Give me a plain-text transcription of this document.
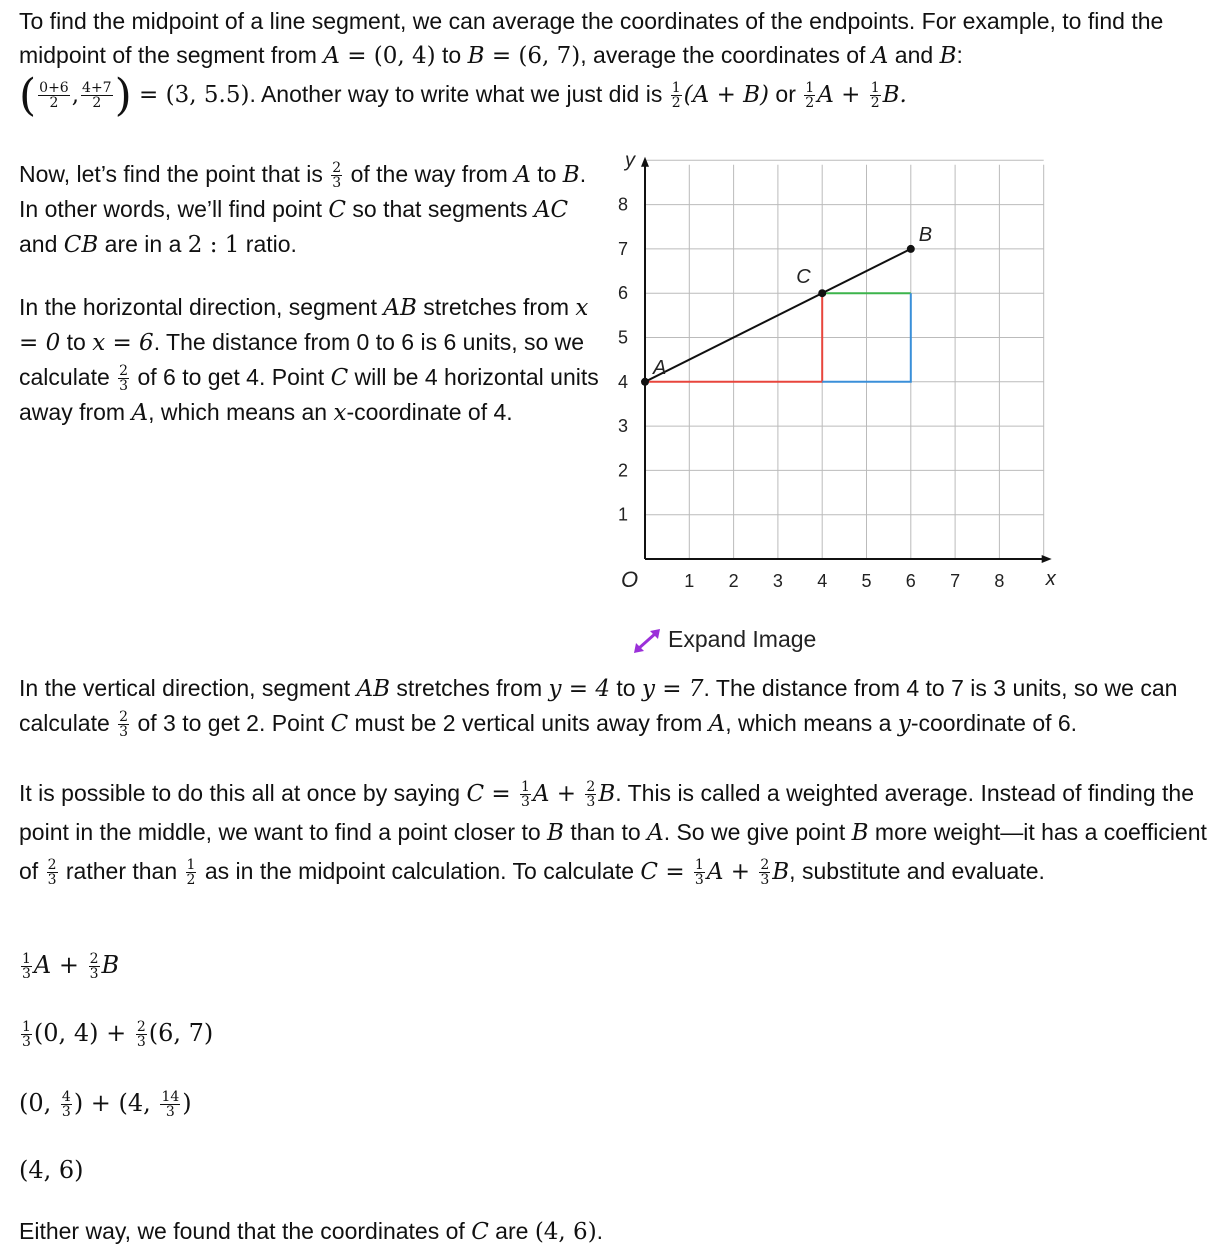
To find the midpoint of a line segment, we can average the coordinates of the endpoints. For example, to find the midpoint of the segment from A = (0, 4) to B = (6, 7), average the coordinates of A and B:

( $\frac{0+6}{2}$ , $\frac{4+7}{2}$ ) = (3, 5.5). Another way to write what we just did is $\frac{1}{2} (A + B)$ or $\frac{1}{2}$ $A + \frac{1}{2} B$.

Now, let’s find the point that is $\frac{2}{3}$ of the way from A to B. In other words, we’ll find point C so that segments AC and CB are in a 2 : 1 ratio.

In the horizontal direction, segment AB stretches from x = 0 to x = 6. The distance from 0 to 6 is 6 units, so we calculate $\frac{2}{3}$ of 6 to get 4. Point C will be 4 horizontal units away from A, which means an x-coordinate of 4.

1 2 3 4 5 6 7 8
1
2
3
4
5
6
7
8
x
y
O
A
B
C
Expand Image

In the vertical direction, segment AB stretches from y = 4 to y = 7. The distance from 4 to 7 is 3 units, so we can calculate $\frac{2}{3}$ of 3 to get 2. Point C must be 2 vertical units away from A, which means a y-coordinate of 6.

It is possible to do this all at once by saying $C = \frac{1}{3}$ $A + \frac{2}{3} B$. This is called a weighted average. Instead of finding the point in the middle, we want to find a point closer to B than to A. So we give point B more weight—it has a coefficient of $\frac{2}{3}$ rather than $\frac{1}{2}$ as in the midpoint calculation. To calculate $C = \frac{1}{3}$ $A + \frac{2}{3} B$, substitute and evaluate.

$\frac{1}{3}$ $A + \frac{2}{3}$ B
$\frac{1}{3} (0$, $4) + \frac{2}{3} (6$, 7)
(0, $\frac{4}{3}$ ) + (4, $\frac{14}{3}$ )
(4, 6)

Either way, we found that the coordinates of C are (4, 6).
